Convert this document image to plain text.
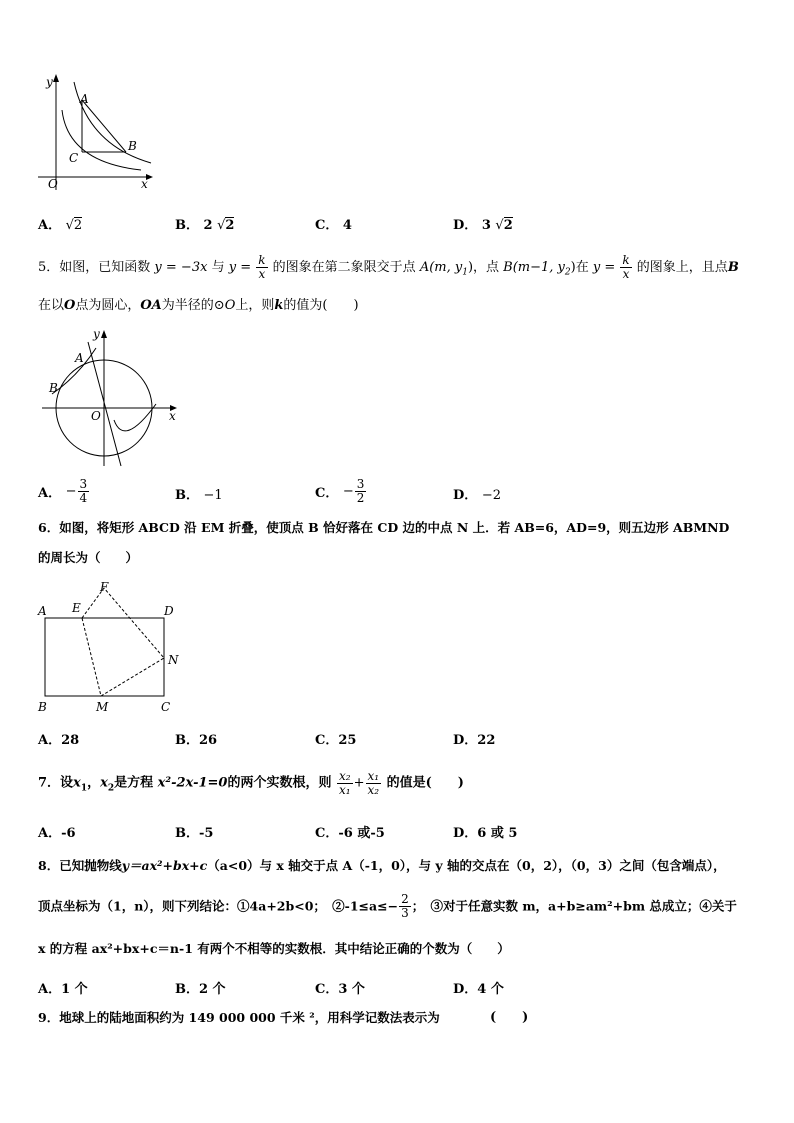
y
x
O
A
B
C
A． √2	B． 2 √2	C． 4	D． 3 √2
5．如图，已知函数 y = −3x 与 $y = \frac{k}{x}$ 的图象在第二象限交于点 A(m, $y_1$)，点 B(m−1, $y_2$)在 $y = \frac{k}{x}$ 的图象上，且点B
在以O点为圆心，OA为半径的⊙O上，则k的值为(　　)
y
x
O
A
B
A． − $\frac{3}{4}$	B． −1	C． − $\frac{3}{2}$	D． −2
6．如图，将矩形 ABCD 沿 EM 折叠，使顶点 B 恰好落在 CD 边的中点 N 上．若 AB=6，AD=9，则五边形 ABMND
的周长为（　　）
A E
F
D
N
B	M	C
A．28	B．26	C．25	D．22
7．设$x_1$，$x_2$是方程 x²-2x-1=0的两个实数根，则 $\frac{\text{x₂}}{\text{x₁}} + \frac{\text{x₁}}{\text{x₂}}$ 的值是(　　)
A．-6	B．-5	C．-6 或-5	D．6 或 5
8．已知抛物线y＝ax²+bx+c（a<0）与 x 轴交于点 A（-1，0），与 y 轴的交点在（0，2），（0，3）之间（包含端点），
顶点坐标为（1，n），则下列结论：①4a+2b<0；　②-1≤a≤− $\frac{2}{3}$ ；　③对于任意实数 m，a+b≥am²+bm 总成立；④关于
x 的方程 ax²+bx+c＝n-1 有两个不相等的实数根．其中结论正确的个数为（　　）
A．1 个	B．2 个	C．3 个	D．4 个
9．地球上的陆地面积约为 149 000 000 千米 ²，用科学记数法表示为	(　　)
